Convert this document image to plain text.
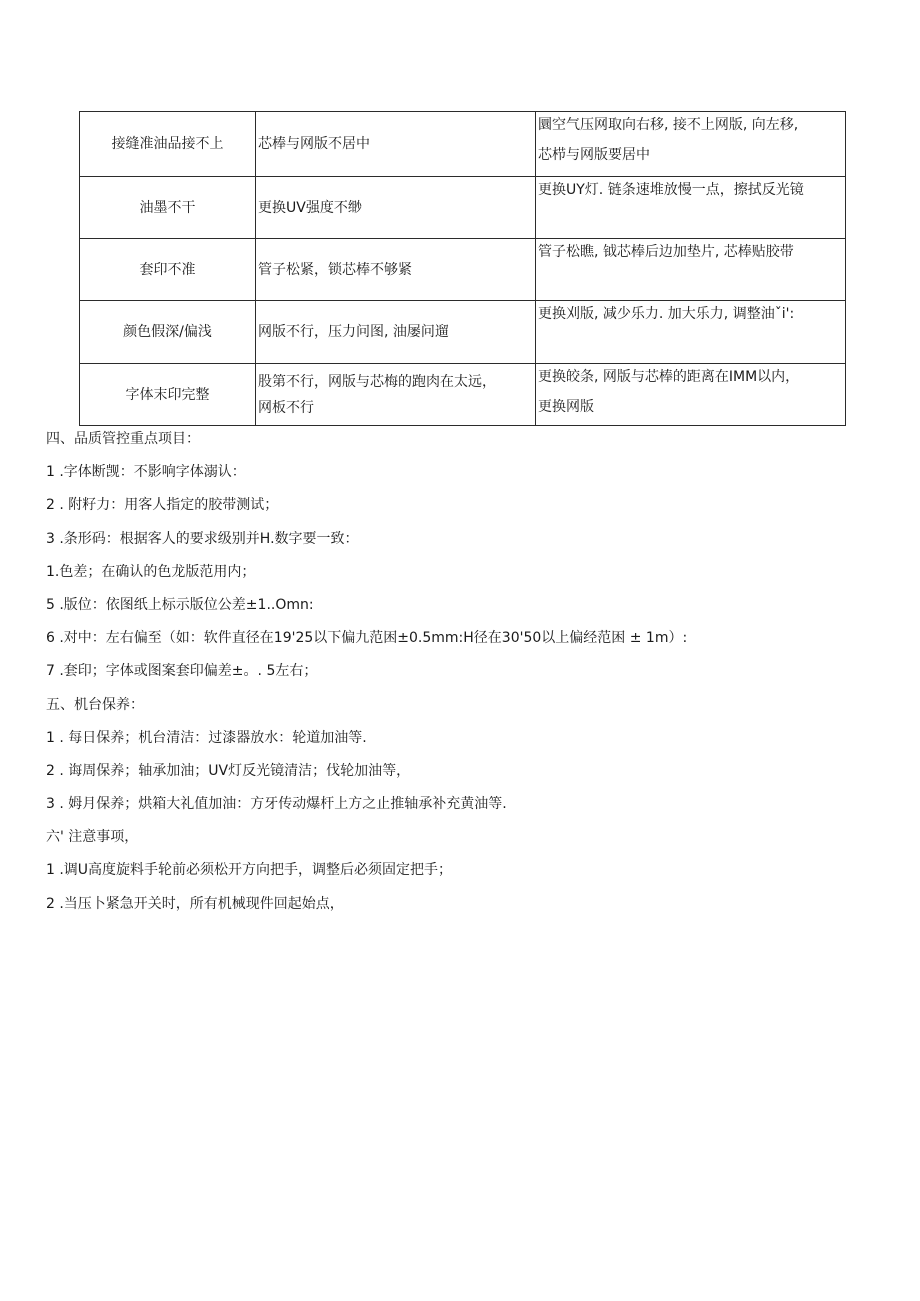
接缝准油品接不上	芯棒与网版不居中	圜空气压网取向右移, 接不上网版, 向左移, 芯栉与网版要居中

油墨不干	更换UV强度不缈	更换UY灯. 链条速堆放慢一点，擦拭反光镜

套印不准	管子松紧，锁芯棒不够紧	管子松瞧, 钺芯棒后边加垫片, 芯棒贴胶带

颜色假深/偏浅	网版不行，压力问图, 油屡问遛	更换刈版, 减少乐力. 加大乐力, 调整油ˇi':

字体末印完整	股第不行，网版与芯梅的跑肉在太远，网板不行	更换皎条, 网版与芯棒的距离在IMM以内，更换网版
四、品质管控重点项目：
1 .字体断觊：不影响字体溺认：
2 . 附籽力：用客人指定的胶带测试；
3 .条形码：根据客人的要求级别并H.数字要一致：
1.色差；在确认的色龙版范用内；
5 .版位：依图纸上标示版位公差±1..Omn:
6 .对中：左右偏至（如：软件直径在19'25以下偏九范困±0.5mm:H径在30'50以上偏经范困 ± 1m）:
7 .套印；字体或图案套印偏差±。. 5左右；
五、机台保养：
1 . 每日保养；机台清洁：过漆器放水：轮道加油等.
2 . 诲周保养；轴承加油；UV灯反光镜清洁；伐轮加油等，
3 . 姆月保养；烘箱大礼值加油：方牙传动爆杆上方之止推轴承补充黄油等.
六' 注意事项，
1 .调U高度旋料手轮前必须松开方向把手，调整后必须固定把手；
2 .当压卜紧急开关时，所有机械现件回起始点，
